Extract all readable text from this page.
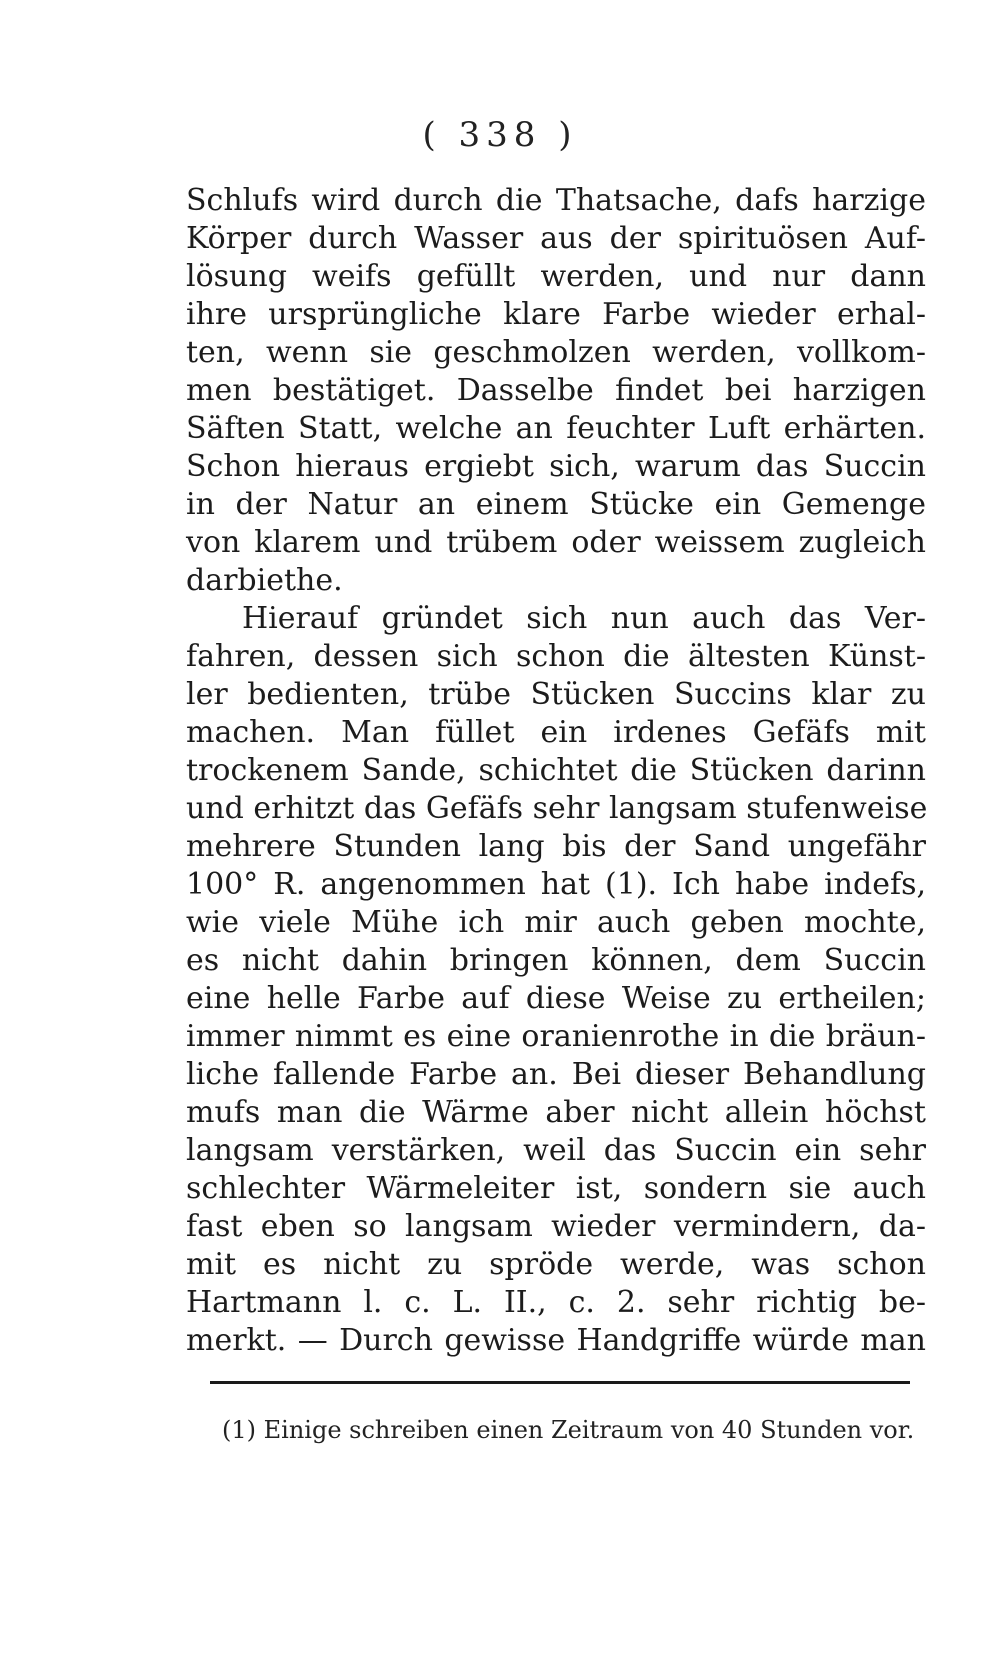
( 338 )
Schlufs wird durch die Thatsache, dafs harzige
Körper durch Wasser aus der spirituösen Auf-
lösung weifs gefüllt werden, und nur dann
ihre ursprüngliche klare Farbe wieder erhal-
ten, wenn sie geschmolzen werden, vollkom-
men bestätiget. Dasselbe findet bei harzigen
Säften Statt, welche an feuchter Luft erhärten.
Schon hieraus ergiebt sich, warum das Succin
in der Natur an einem Stücke ein Gemenge
von klarem und trübem oder weissem zugleich
darbiethe.
Hierauf gründet sich nun auch das Ver-
fahren, dessen sich schon die ältesten Künst-
ler bedienten, trübe Stücken Succins klar zu
machen. Man füllet ein irdenes Gefäfs mit
trockenem Sande, schichtet die Stücken darinn
und erhitzt das Gefäfs sehr langsam stufenweise
mehrere Stunden lang bis der Sand ungefähr
100° R. angenommen hat (1). Ich habe indefs,
wie viele Mühe ich mir auch geben mochte,
es nicht dahin bringen können, dem Succin
eine helle Farbe auf diese Weise zu ertheilen;
immer nimmt es eine oranienrothe in die bräun-
liche fallende Farbe an. Bei dieser Behandlung
mufs man die Wärme aber nicht allein höchst
langsam verstärken, weil das Succin ein sehr
schlechter Wärmeleiter ist, sondern sie auch
fast eben so langsam wieder vermindern, da-
mit es nicht zu spröde werde, was schon
Hartmann l. c. L. II., c. 2. sehr richtig be-
merkt. — Durch gewisse Handgriffe würde man
(1) Einige schreiben einen Zeitraum von 40 Stunden vor.
